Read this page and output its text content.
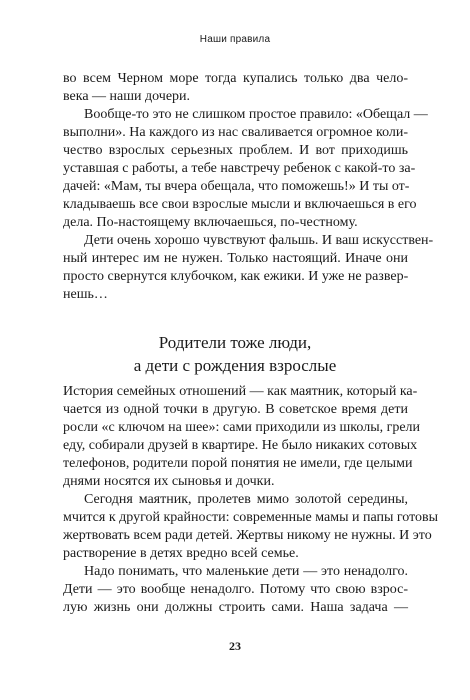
Наши правила
во всем Черном море тогда купались только два чело-
века — наши дочери.
Вообще-то это не слишком простое правило: «Обещал —
выполни». На каждого из нас сваливается огромное коли-
чество взрослых серьезных проблем. И вот приходишь
уставшая с работы, а тебе навстречу ребенок с какой-то за-
дачей: «Мам, ты вчера обещала, что поможешь!» И ты от-
кладываешь все свои взрослые мысли и включаешься в его
дела. По-настоящему включаешься, по-честному.
Дети очень хорошо чувствуют фальшь. И ваш искусствен-
ный интерес им не нужен. Только настоящий. Иначе они
просто свернутся клубочком, как ежики. И уже не развер-
нешь…
Родители тоже люди,
а дети с рождения взрослые
История семейных отношений — как маятник, который ка-
чается из одной точки в другую. В советское время дети
росли «с ключом на шее»: сами приходили из школы, грели
еду, собирали друзей в квартире. Не было никаких сотовых
телефонов, родители порой понятия не имели, где целыми
днями носятся их сыновья и дочки.
Сегодня маятник, пролетев мимо золотой середины,
мчится к другой крайности: современные мамы и папы готовы
жертвовать всем ради детей. Жертвы никому не нужны. И это
растворение в детях вредно всей семье.
Надо понимать, что маленькие дети — это ненадолго.
Дети — это вообще ненадолго. Потому что свою взрос-
лую жизнь они должны строить сами. Наша задача —
23
